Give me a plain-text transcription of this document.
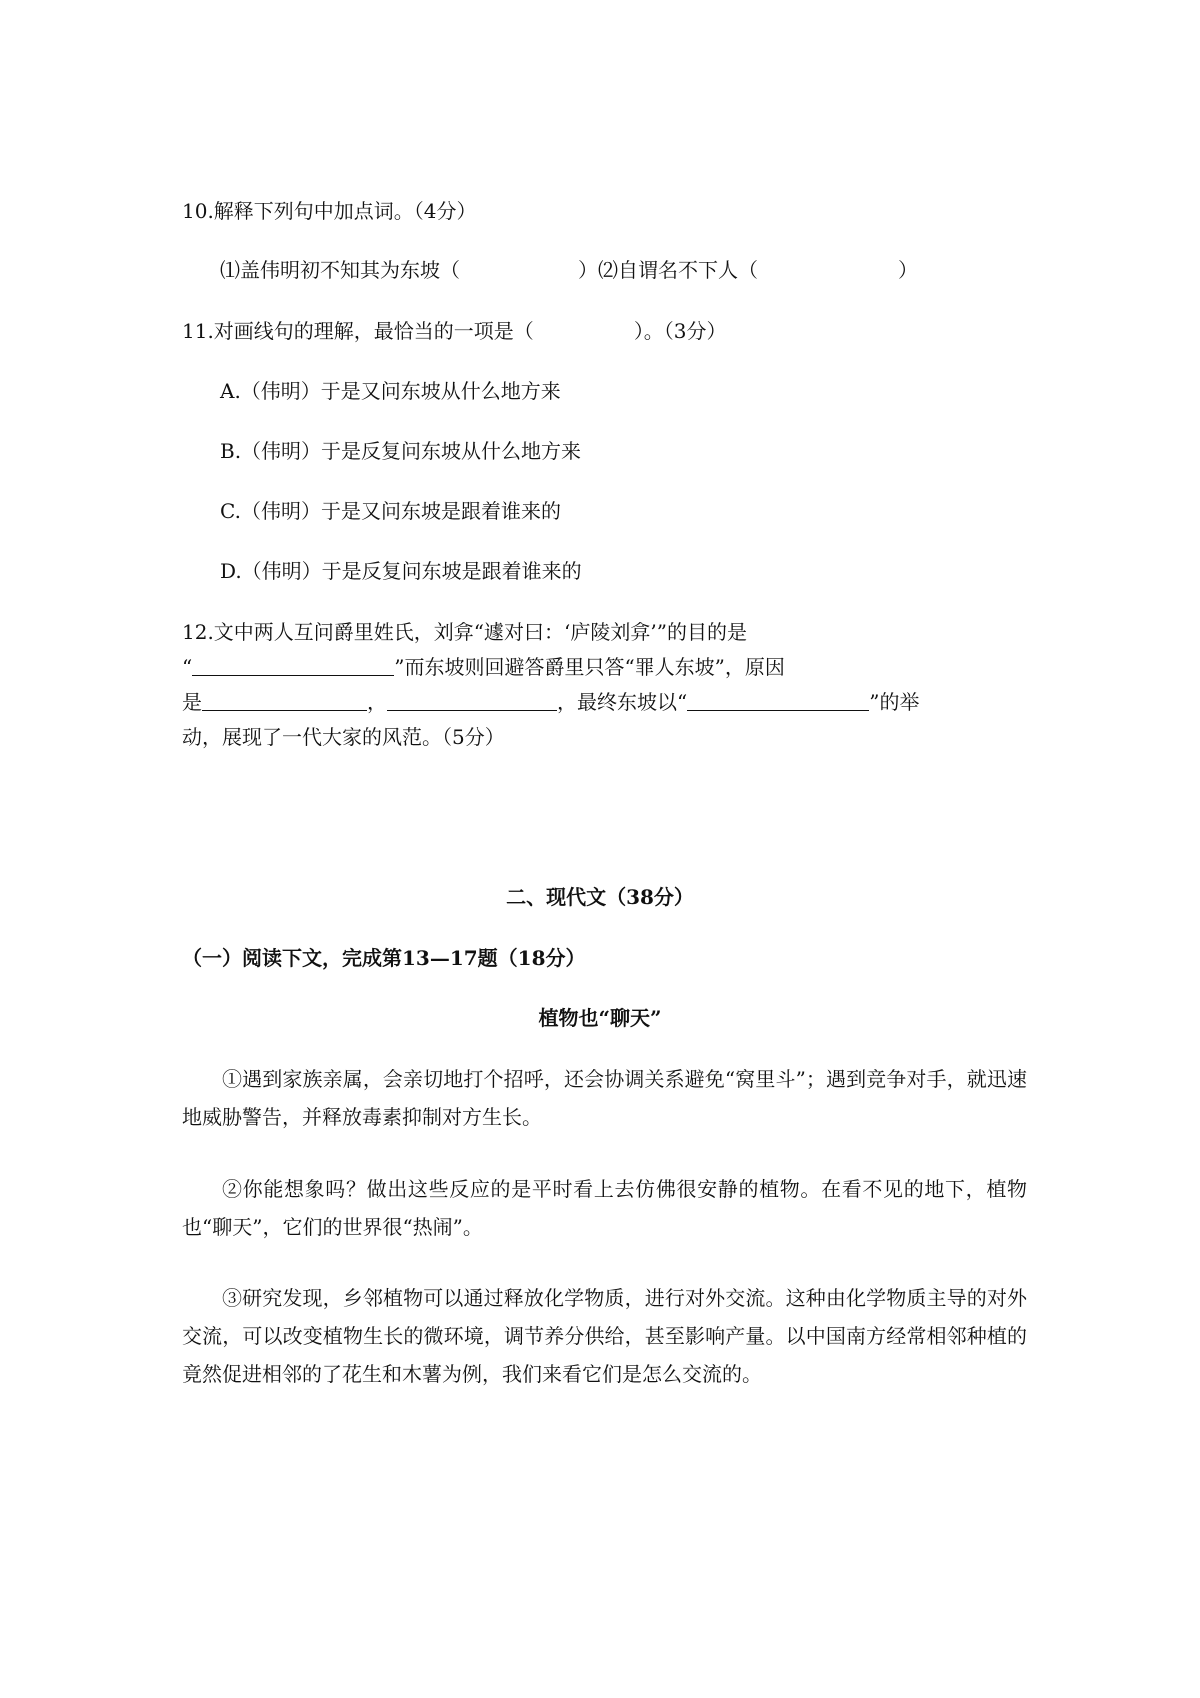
10.解释下列句中加点词。（4分）
⑴盖伟明初不知其为东坡（	）⑵自谓名不下人（	）
11.对画线句的理解，最恰当的一项是（	）。（3分）
A.（伟明）于是又问东坡从什么地方来
B.（伟明）于是反复问东坡从什么地方来
C.（伟明）于是又问东坡是跟着谁来的
D.（伟明）于是反复问东坡是跟着谁来的
12.文中两人互问爵里姓氏，刘弇“遽对曰：‘庐陵刘弇’”的目的是
“	”而东坡则回避答爵里只答“罪人东坡”，原因
是	，	，最终东坡以“	”的举
动，展现了一代大家的风范。（5分）
二、现代文（38分）
（一）阅读下文，完成第13—17题（18分）
植物也“聊天”
①遇到家族亲属，会亲切地打个招呼，还会协调关系避免“窝里斗”；遇到竞争对手，就迅速地威胁警告，并释放毒素抑制对方生长。
②你能想象吗？做出这些反应的是平时看上去仿佛很安静的植物。在看不见的地下，植物也“聊天”，它们的世界很“热闹”。
③研究发现，乡邻植物可以通过释放化学物质，进行对外交流。这种由化学物质主导的对外交流，可以改变植物生长的微环境，调节养分供给，甚至影响产量。以中国南方经常相邻种植的竟然促进相邻的了花生和木薯为例，我们来看它们是怎么交流的。
